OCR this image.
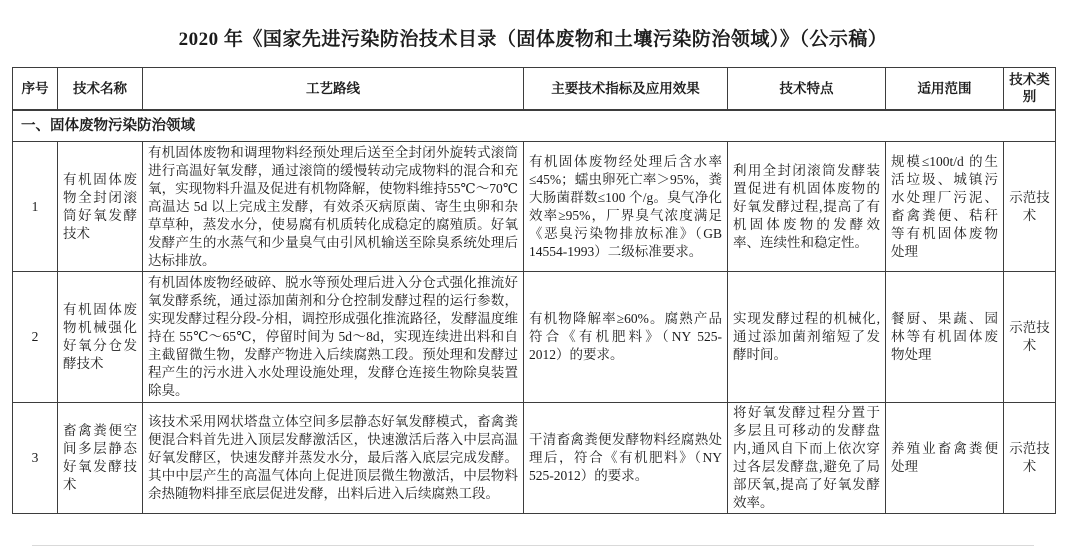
2020 年《国家先进污染防治技术目录（固体废物和土壤污染防治领域）》（公示稿）
序号	技术名称	工艺路线	主要技术指标及应用效果	技术特点	适用范围	技术类别
一、固体废物污染防治领域						
1	有机固体废物全封闭滚筒好氧发酵技术	有机固体废物和调理物料经预处理后送至全封闭外旋转式滚筒进行高温好氧发酵，通过滚筒的缓慢转动完成物料的混合和充氧，实现物料升温及促进有机物降解，使物料维持55℃～70℃高温达 5d 以上完成主发酵，有效杀灭病原菌、寄生虫卵和杂草草种，蒸发水分，使易腐有机质转化成稳定的腐殖质。好氧发酵产生的水蒸气和少量臭气由引风机输送至除臭系统处理后达标排放。	有机固体废物经处理后含水率≤45%；蠕虫卵死亡率＞95%，粪大肠菌群数≤100 个/g。臭气净化效率≥95%，厂界臭气浓度满足《恶臭污染物排放标准》（GB 14554-1993）二级标准要求。	利用全封闭滚筒发酵装置促进有机固体废物的好氧发酵过程,提高了有机固体废物的发酵效率、连续性和稳定性。	规模≤100t/d 的生活垃圾、城镇污水处理厂污泥、畜禽粪便、秸秆等有机固体废物处理	示范技术
2	有机固体废物机械强化好氧分仓发酵技术	有机固体废物经破碎、脱水等预处理后进入分仓式强化推流好氧发酵系统，通过添加菌剂和分仓控制发酵过程的运行参数，实现发酵过程分段-分相，调控形成强化推流路径，发酵温度维持在 55℃～65℃，停留时间为 5d～8d，实现连续进出料和自主截留微生物，发酵产物进入后续腐熟工段。预处理和发酵过程产生的污水进入水处理设施处理，发酵仓连接生物除臭装置除臭。	有机物降解率≥60%。腐熟产品符合《有机肥料》（NY 525-2012）的要求。	实现发酵过程的机械化,通过添加菌剂缩短了发酵时间。	餐厨、果蔬、园林等有机固体废物处理	示范技术
3	畜禽粪便空间多层静态好氧发酵技术	该技术采用网状塔盘立体空间多层静态好氧发酵模式，畜禽粪便混合料首先进入顶层发酵激活区，快速激活后落入中层高温好氧发酵区，快速发酵并蒸发水分，最后落入底层完成发酵。其中中层产生的高温气体向上促进顶层微生物激活，中层物料余热随物料排至底层促进发酵，出料后进入后续腐熟工段。	干清畜禽粪便发酵物料经腐熟处理后，符合《有机肥料》（NY 525-2012）的要求。	将好氧发酵过程分置于多层且可移动的发酵盘内,通风自下而上依次穿过各层发酵盘,避免了局部厌氧,提高了好氧发酵效率。	养殖业畜禽粪便处理	示范技术
